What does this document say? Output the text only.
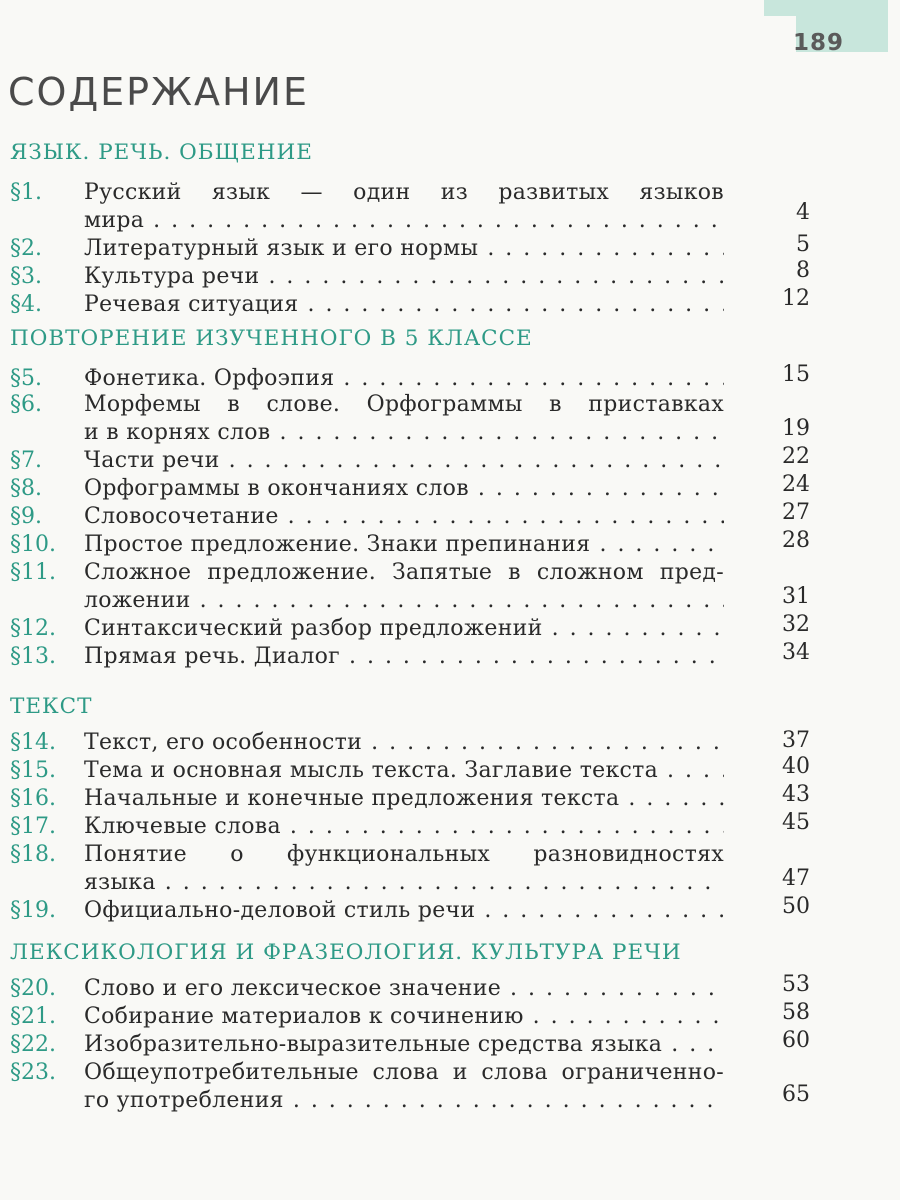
189
СОДЕРЖАНИЕ
ЯЗЫК. РЕЧЬ. ОБЩЕНИЕ
§1. Русский язык — один из развитых языков
мира . . .	4
§2. Литературный язык и его нормы . . .	5
§3. Культура речи . . .	8
§4. Речевая ситуация . . .	12
ПОВТОРЕНИЕ ИЗУЧЕННОГО В 5 КЛАССЕ
§5. Фонетика. Орфоэпия . . .	15
§6. Морфемы в слове. Орфограммы в приставках
и в корнях слов . . .	19
§7. Части речи . . .	22
§8. Орфограммы в окончаниях слов . . .	24
§9. Словосочетание . . .	27
§10. Простое предложение. Знаки препинания . . .	28
§11. Сложное предложение. Запятые в сложном пред-
ложении . . .	31
§12. Синтаксический разбор предложений . . .	32
§13. Прямая речь. Диалог . . .	34
ТЕКСТ
§14. Текст, его особенности . . .	37
§15. Тема и основная мысль текста. Заглавие текста . . .	40
§16. Начальные и конечные предложения текста . . .	43
§17. Ключевые слова . . .	45
§18. Понятие о функциональных разновидностях
языка . . .	47
§19. Официально-деловой стиль речи . . .	50
ЛЕКСИКОЛОГИЯ И ФРАЗЕОЛОГИЯ. КУЛЬТУРА РЕЧИ
§20. Слово и его лексическое значение . . .	53
§21. Собирание материалов к сочинению . . .	58
§22. Изобразительно-выразительные средства языка . . .	60
§23. Общеупотребительные слова и слова ограниченно-
го употребления . . .	65
